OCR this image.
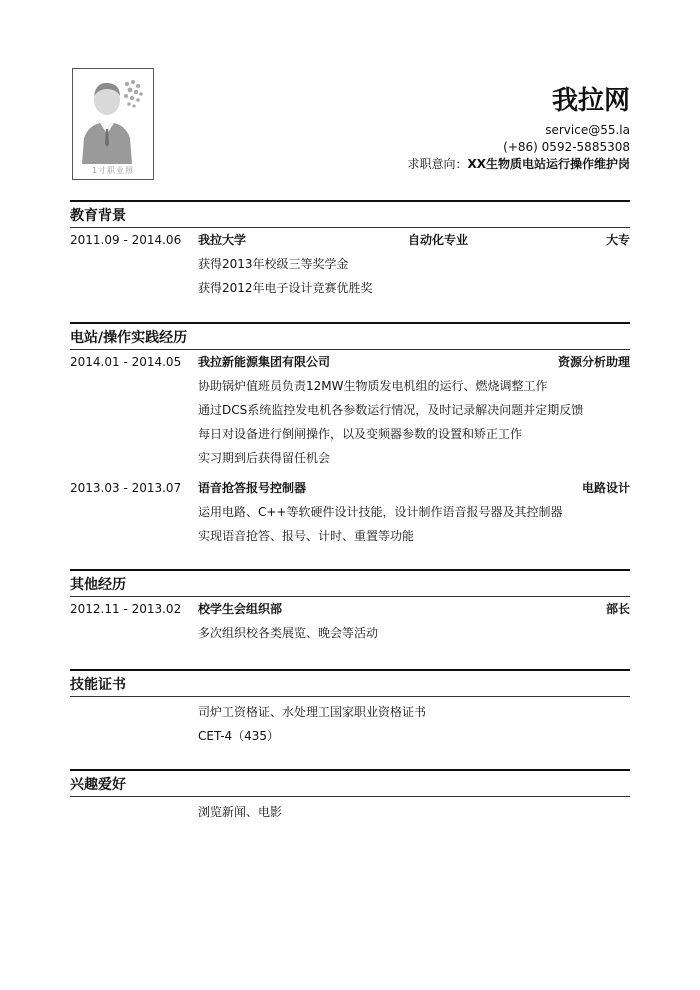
1寸职业照
我拉网
service@55.la
(+86) 0592-5885308
求职意向：XX生物质电站运行操作维护岗
教育背景
2011.09 - 2014.06 我拉大学	自动化专业	大专
获得2013年校级三等奖学金
获得2012年电子设计竞赛优胜奖
电站/操作实践经历
2014.01 - 2014.05 我拉新能源集团有限公司	资源分析助理
协助锅炉值班员负责12MW生物质发电机组的运行、燃烧调整工作
通过DCS系统监控发电机各参数运行情况，及时记录解决问题并定期反馈
每日对设备进行倒闸操作，以及变频器参数的设置和矫正工作
实习期到后获得留任机会
2013.03 - 2013.07 语音抢答报号控制器	电路设计
运用电路、C++等软硬件设计技能，设计制作语音报号器及其控制器
实现语音抢答、报号、计时、重置等功能
其他经历
2012.11 - 2013.02 校学生会组织部	部长
多次组织校各类展览、晚会等活动
技能证书
司炉工资格证、水处理工国家职业资格证书
CET-4（435）
兴趣爱好
浏览新闻、电影
